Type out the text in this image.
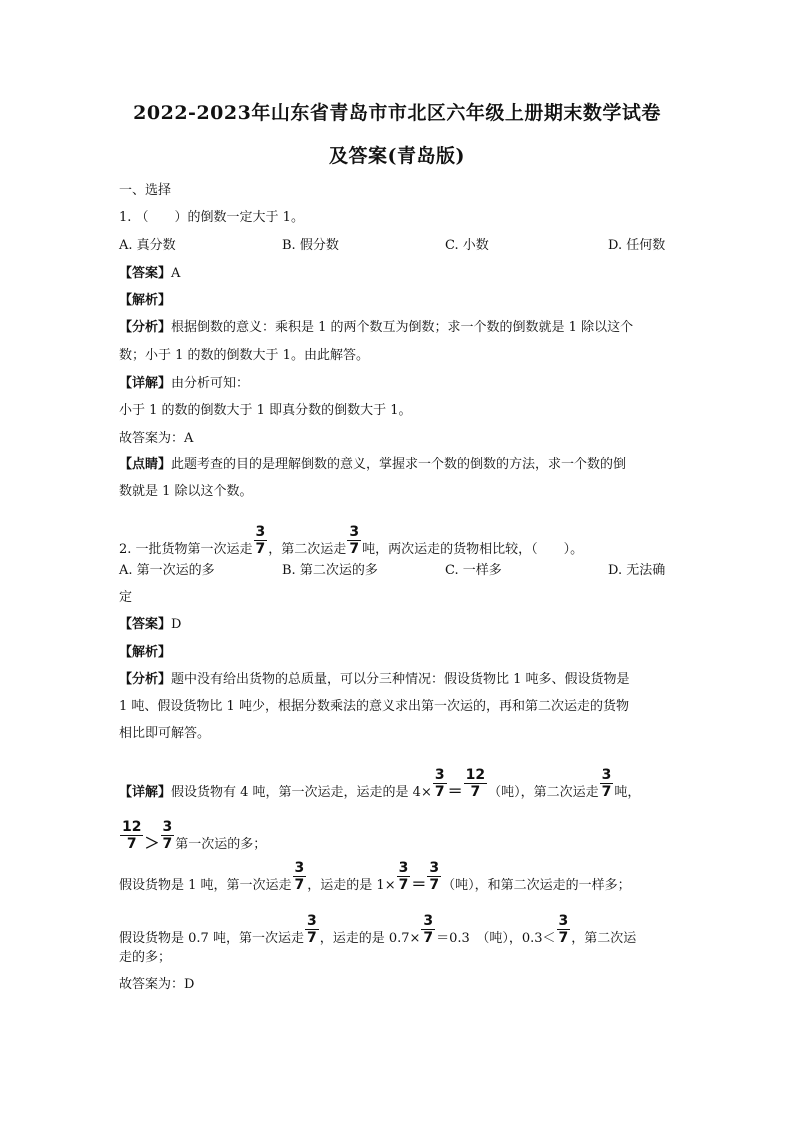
2022-2023年山东省青岛市市北区六年级上册期末数学试卷
及答案(青岛版)
一、选择
1. （　　）的倒数一定大于 1。
A. 真分数	B. 假分数	C. 小数	D. 任何数
【答案】A
【解析】
【分析】根据倒数的意义：乘积是 1 的两个数互为倒数；求一个数的倒数就是 1 除以这个
数；小于 1 的数的倒数大于 1。由此解答。
【详解】由分析可知：
小于 1 的数的倒数大于 1 即真分数的倒数大于 1。
故答案为：A
【点睛】此题考查的目的是理解倒数的意义，掌握求一个数的倒数的方法，求一个数的倒
数就是 1 除以这个数。
2. 一批货物第一次运走 $\frac{3}{7}$ ，第二次运走 $\frac{3}{7}$ 吨，两次运走的货物相比较，（　　）。
A. 第一次运的多	B. 第二次运的多	C. 一样多	D. 无法确
定
【答案】D
【解析】
【分析】题中没有给出货物的总质量，可以分三种情况：假设货物比 1 吨多、假设货物是
1 吨、假设货物比 1 吨少，根据分数乘法的意义求出第一次运的，再和第二次运走的货物
相比即可解答。
【详解】假设货物有 4 吨，第一次运走，运走的是 $4\times \frac{3}{7} = \frac{12}{7}$ （吨），第二次运走 $\frac{3}{7}$ 吨，
$\frac{12}{7} > \frac{3}{7}$ 第一次运的多；
假设货物是 1 吨，第一次运走 $\frac{3}{7}$ ，运走的是 $1\times \frac{3}{7} = \frac{3}{7}$ （吨），和第二次运走的一样多；
假设货物是 0.7 吨，第一次运走 $\frac{3}{7}$ ，运走的是 $0.7\times \frac{3}{7} =0.3$　（吨），$0.3< \frac{3}{7}$ ，第二次运
走的多；
故答案为：D
